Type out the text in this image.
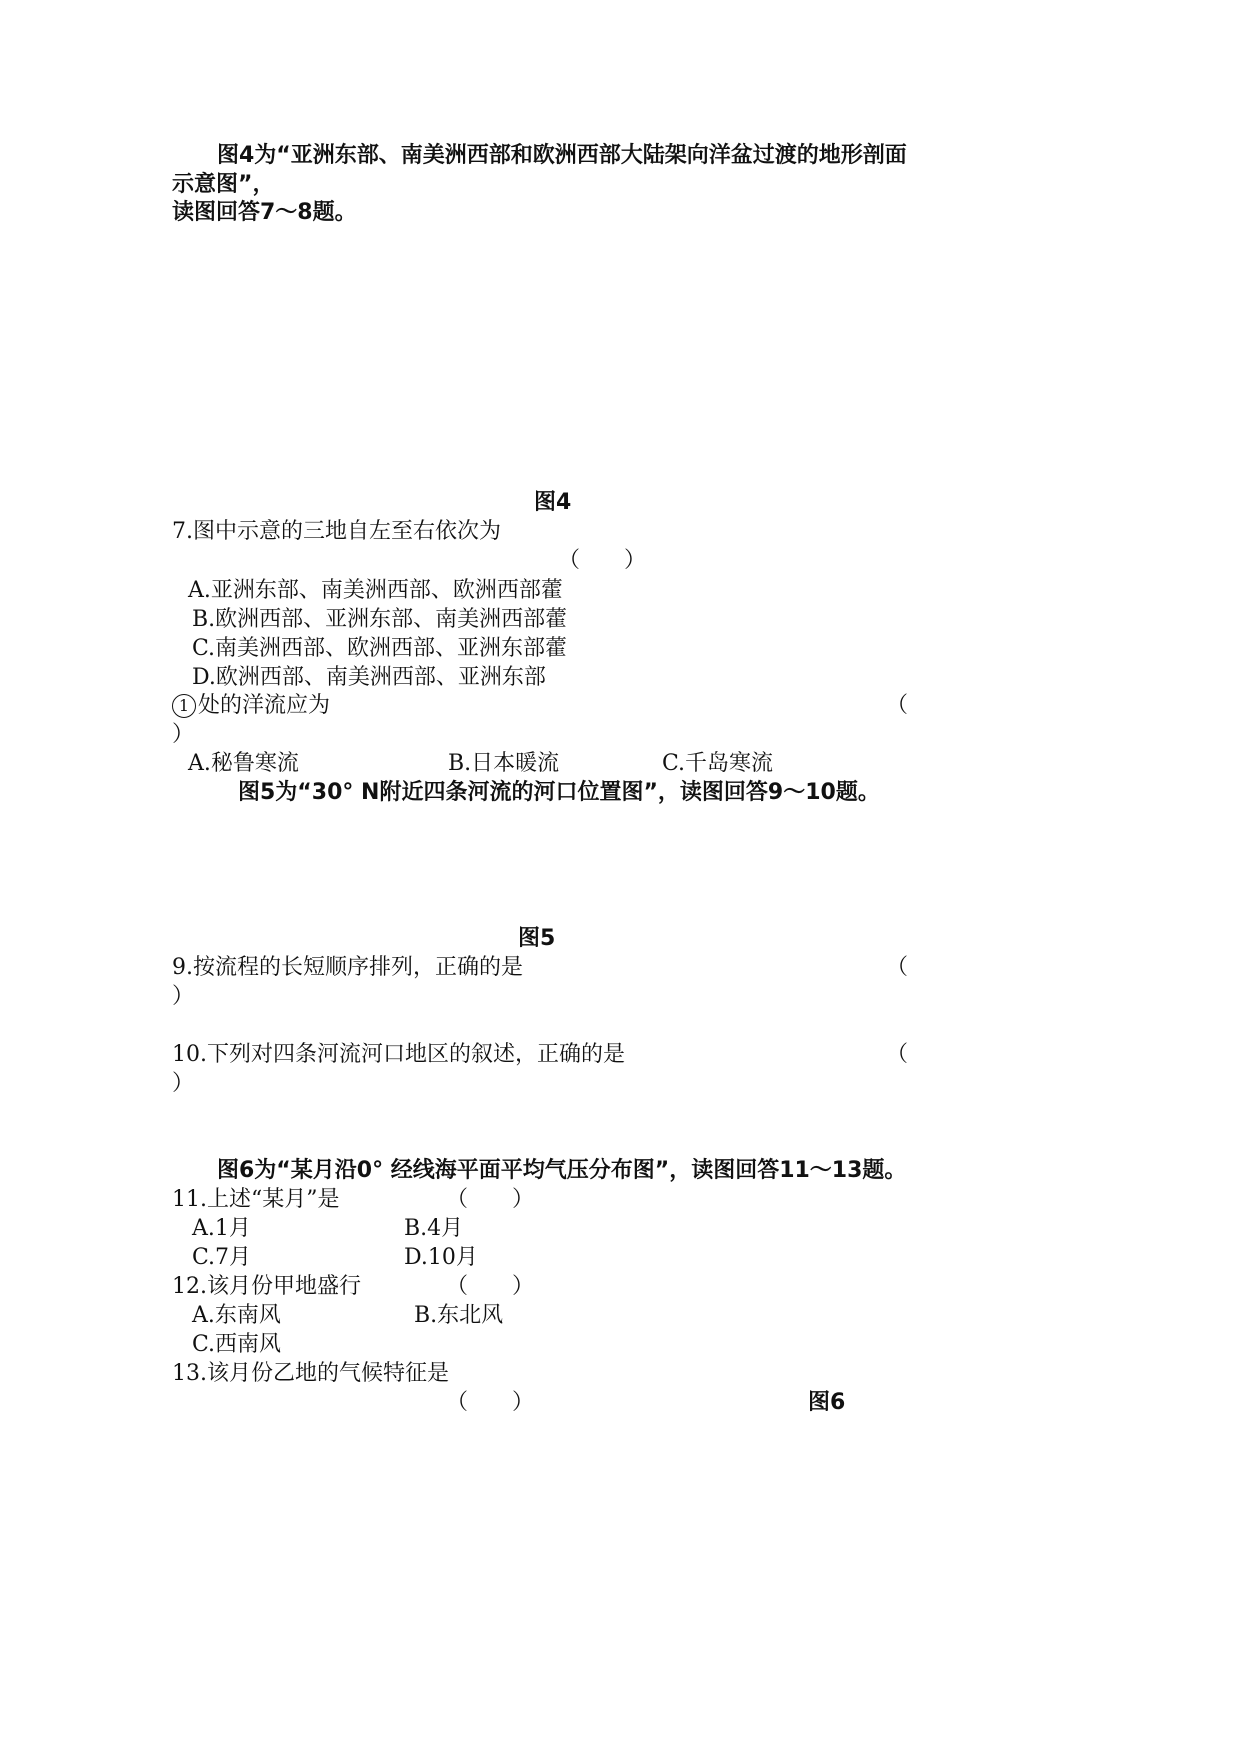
图4为“亚洲东部、南美洲西部和欧洲西部大陆架向洋盆过渡的地形剖面
示意图”，
读图回答7～8题。
图4
7.图中示意的三地自左至右依次为
（　　）
A.亚洲东部、南美洲西部、欧洲西部藿
B.欧洲西部、亚洲东部、南美洲西部藿
C.南美洲西部、欧洲西部、亚洲东部藿
D.欧洲西部、南美洲西部、亚洲东部
1 处的洋流应为	（
）
A.秘鲁寒流	B.日本暖流	C.千岛寒流
图5为“30° N附近四条河流的河口位置图”，读图回答9～10题。
图5
9.按流程的长短顺序排列，正确的是	（
）
10.下列对四条河流河口地区的叙述，正确的是	（
）
图6为“某月沿0° 经线海平面平均气压分布图”，读图回答11～13题。
11.上述“某月”是	（　　）
A.1月	B.4月
C.7月	D.10月
12.该月份甲地盛行	（　　）
A.东南风	B.东北风
C.西南风
13.该月份乙地的气候特征是
（　　）	图6
